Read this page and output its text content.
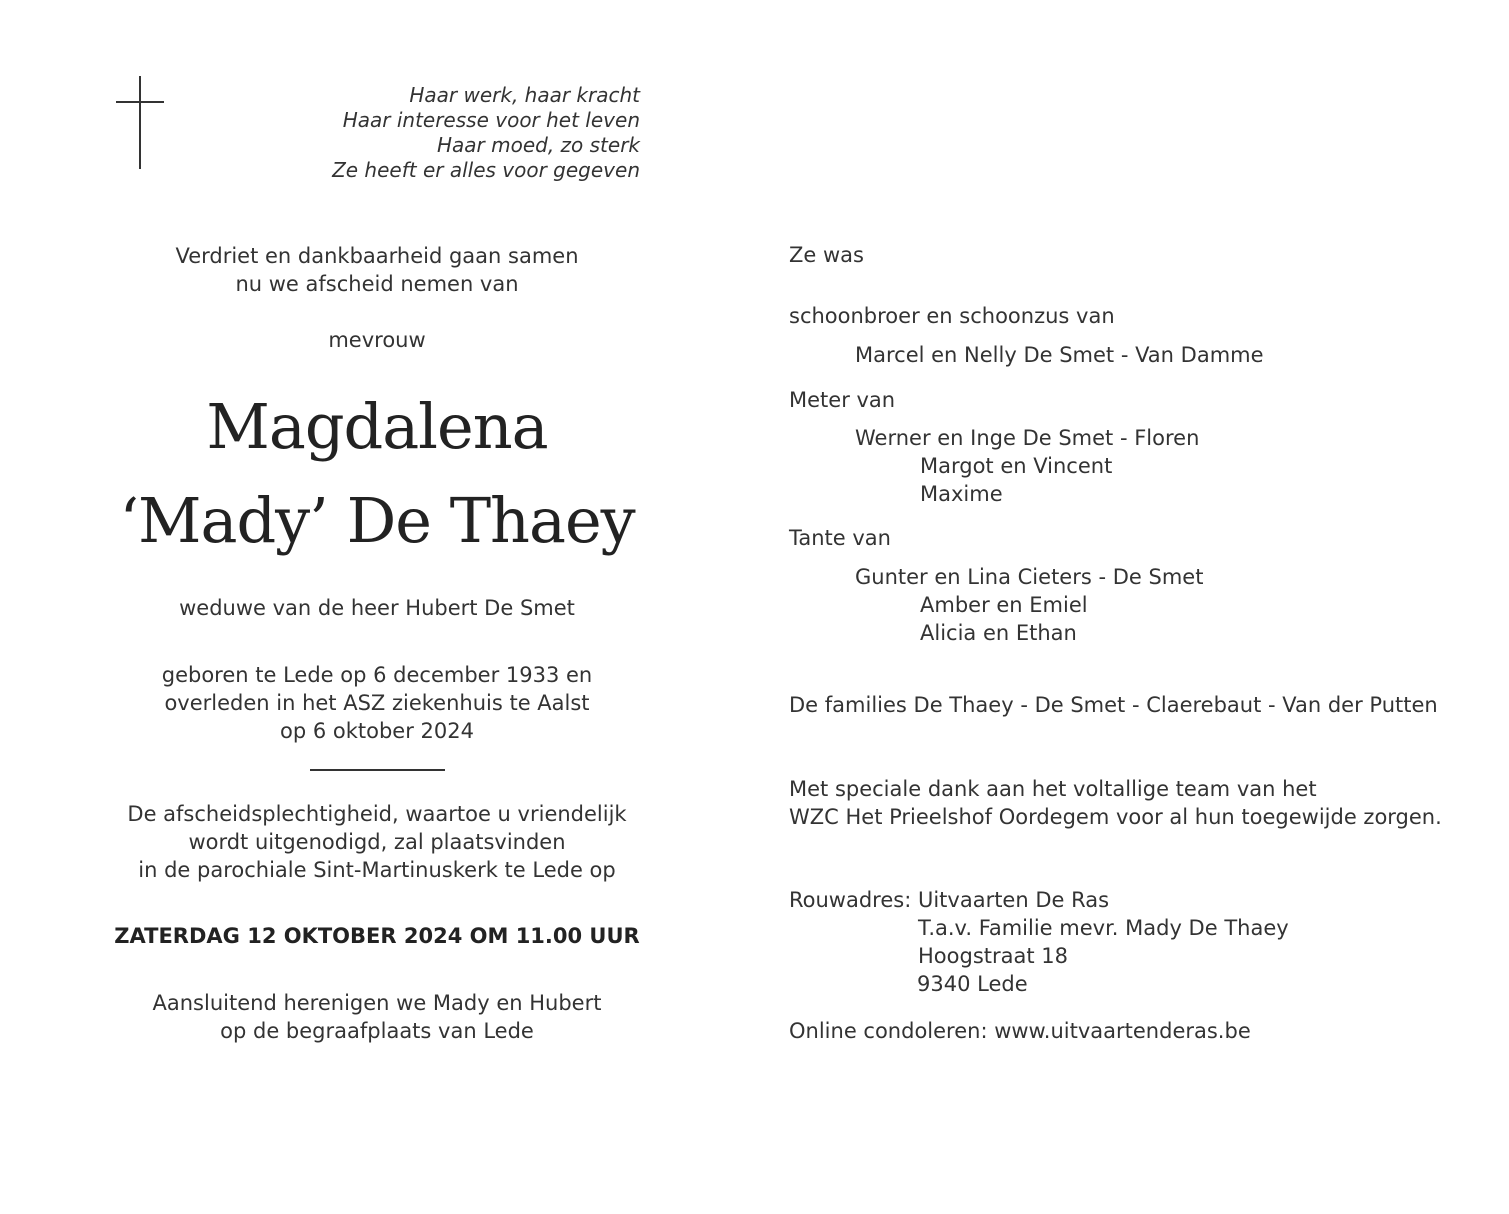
Haar werk, haar kracht
Haar interesse voor het leven
Haar moed, zo sterk
Ze heeft er alles voor gegeven
Verdriet en dankbaarheid gaan samen
nu we afscheid nemen van
mevrouw
Magdalena
‘Mady’ De Thaey
weduwe van de heer Hubert De Smet
geboren te Lede op 6 december 1933 en
overleden in het ASZ ziekenhuis te Aalst
op 6 oktober 2024
De afscheidsplechtigheid, waartoe u vriendelijk
wordt uitgenodigd, zal plaatsvinden
in de parochiale Sint-Martinuskerk te Lede op
ZATERDAG 12 OKTOBER 2024 OM 11.00 UUR
Aansluitend herenigen we Mady en Hubert
op de begraafplaats van Lede
Ze was
schoonbroer en schoonzus van
Marcel en Nelly De Smet - Van Damme
Meter van
Werner en Inge De Smet - Floren
Margot en Vincent
Maxime
Tante van
Gunter en Lina Cieters - De Smet
Amber en Emiel
Alicia en Ethan
De families De Thaey - De Smet - Claerebaut - Van der Putten
Met speciale dank aan het voltallige team van het
WZC Het Prieelshof Oordegem voor al hun toegewijde zorgen.
Rouwadres: Uitvaarten De Ras
T.a.v. Familie mevr. Mady De Thaey
Hoogstraat 18
9340 Lede
Online condoleren: www.uitvaartenderas.be
